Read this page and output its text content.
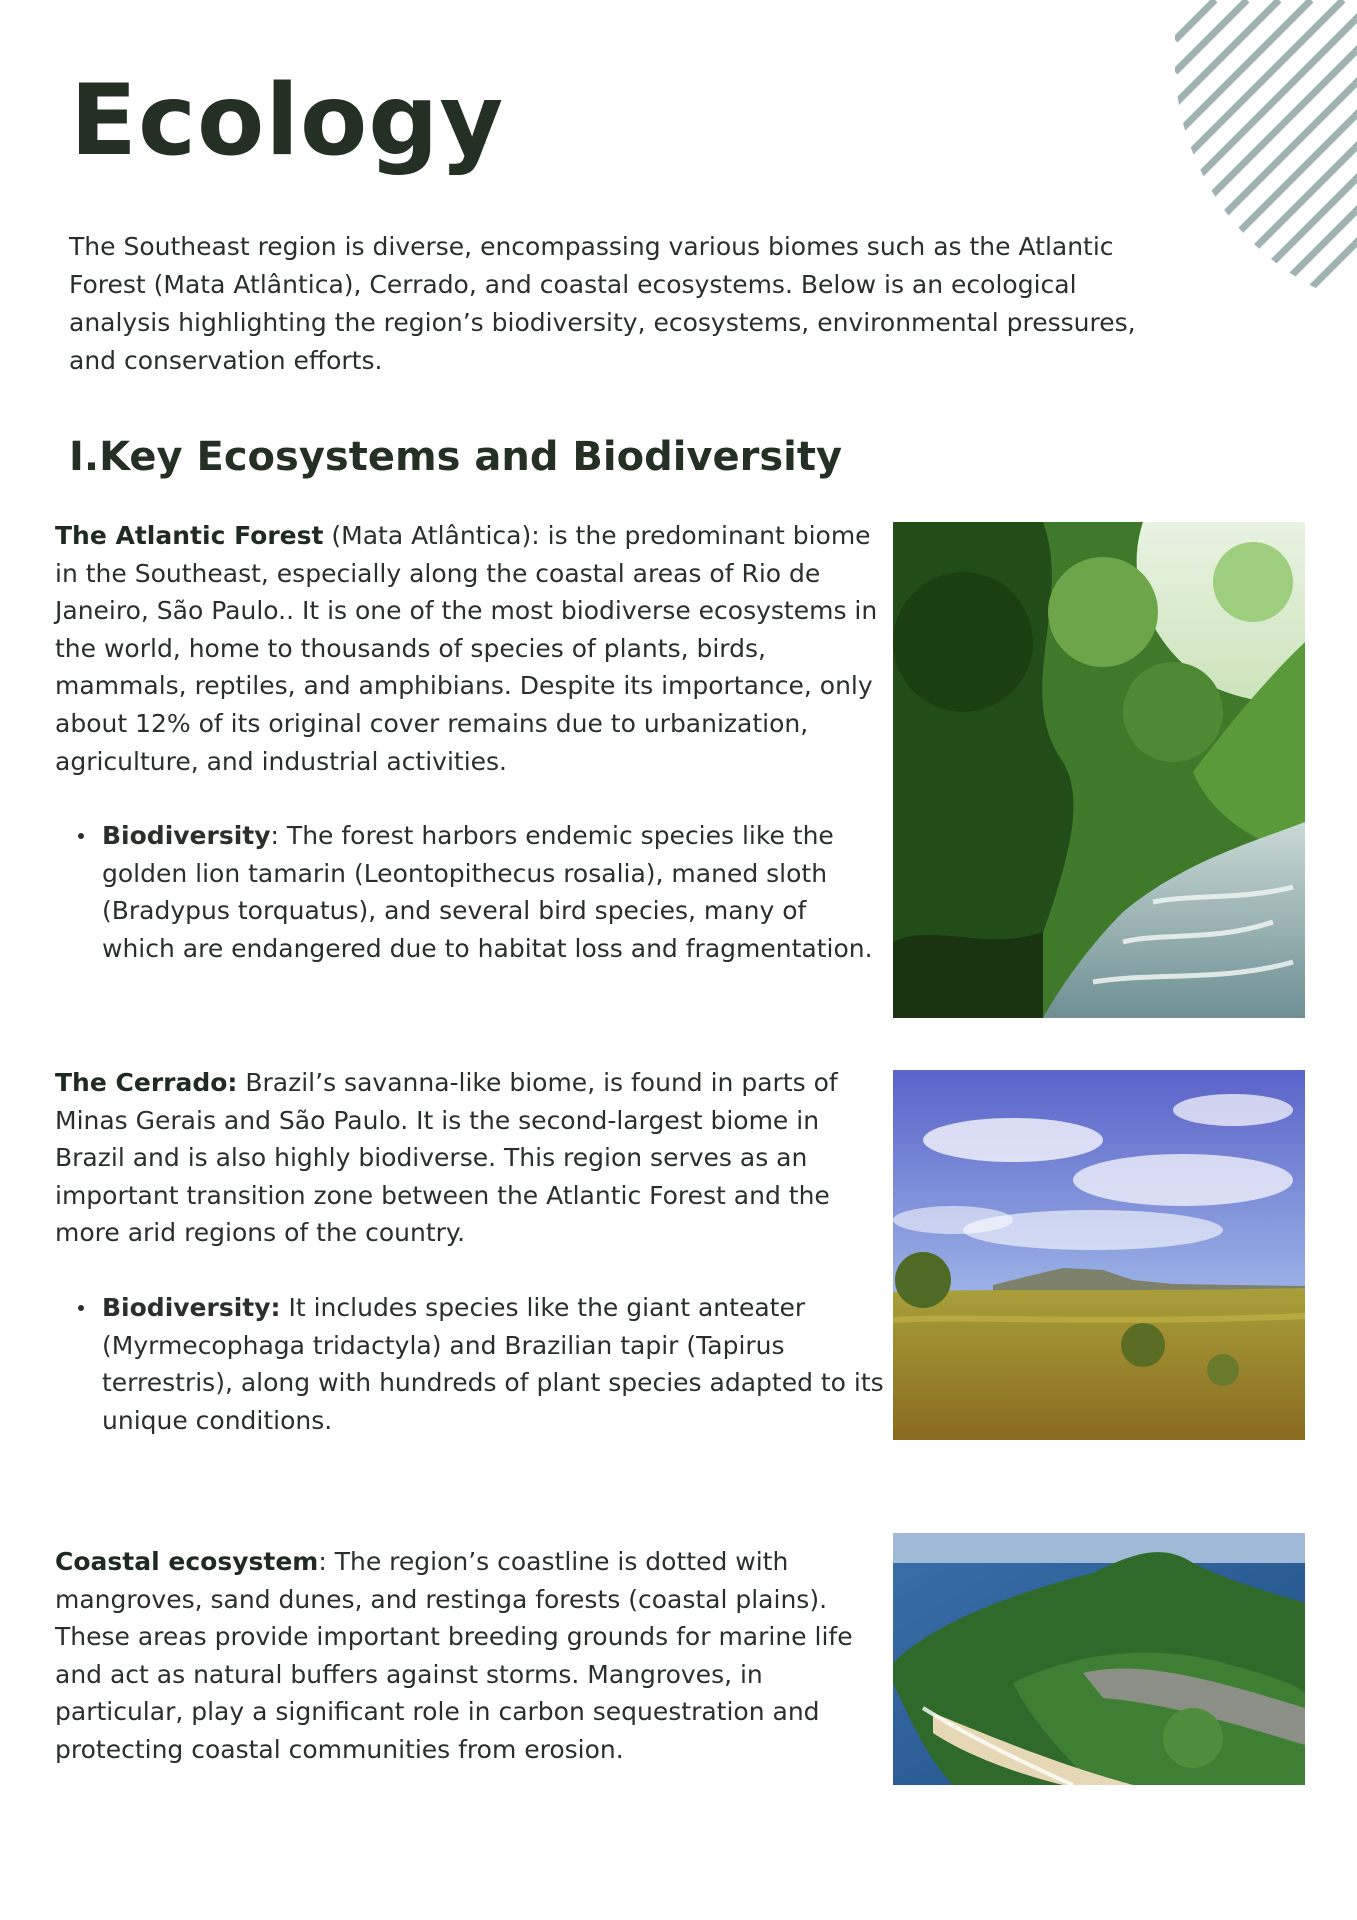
Ecology

The Southeast region is diverse, encompassing various biomes such as the Atlantic Forest (Mata Atlântica), Cerrado, and coastal ecosystems. Below is an ecological analysis highlighting the region’s biodiversity, ecosystems, environmental pressures, and conservation efforts.

I.Key Ecosystems and Biodiversity

The Atlantic Forest (Mata Atlântica): is the predominant biome in the Southeast, especially along the coastal areas of Rio de Janeiro, São Paulo.. It is one of the most biodiverse ecosystems in the world, home to thousands of species of plants, birds, mammals, reptiles, and amphibians. Despite its importance, only about 12% of its original cover remains due to urbanization, agriculture, and industrial activities.

Biodiversity: The forest harbors endemic species like the golden lion tamarin (Leontopithecus rosalia), maned sloth (Bradypus torquatus), and several bird species, many of which are endangered due to habitat loss and fragmentation.

The Cerrado: Brazil’s savanna-like biome, is found in parts of Minas Gerais and São Paulo. It is the second-largest biome in Brazil and is also highly biodiverse. This region serves as an important transition zone between the Atlantic Forest and the more arid regions of the country.

Biodiversity: It includes species like the giant anteater (Myrmecophaga tridactyla) and Brazilian tapir (Tapirus terrestris), along with hundreds of plant species adapted to its unique conditions.

Coastal ecosystem: The region’s coastline is dotted with mangroves, sand dunes, and restinga forests (coastal plains). These areas provide important breeding grounds for marine life and act as natural buffers against storms. Mangroves, in particular, play a significant role in carbon sequestration and protecting coastal communities from erosion.
